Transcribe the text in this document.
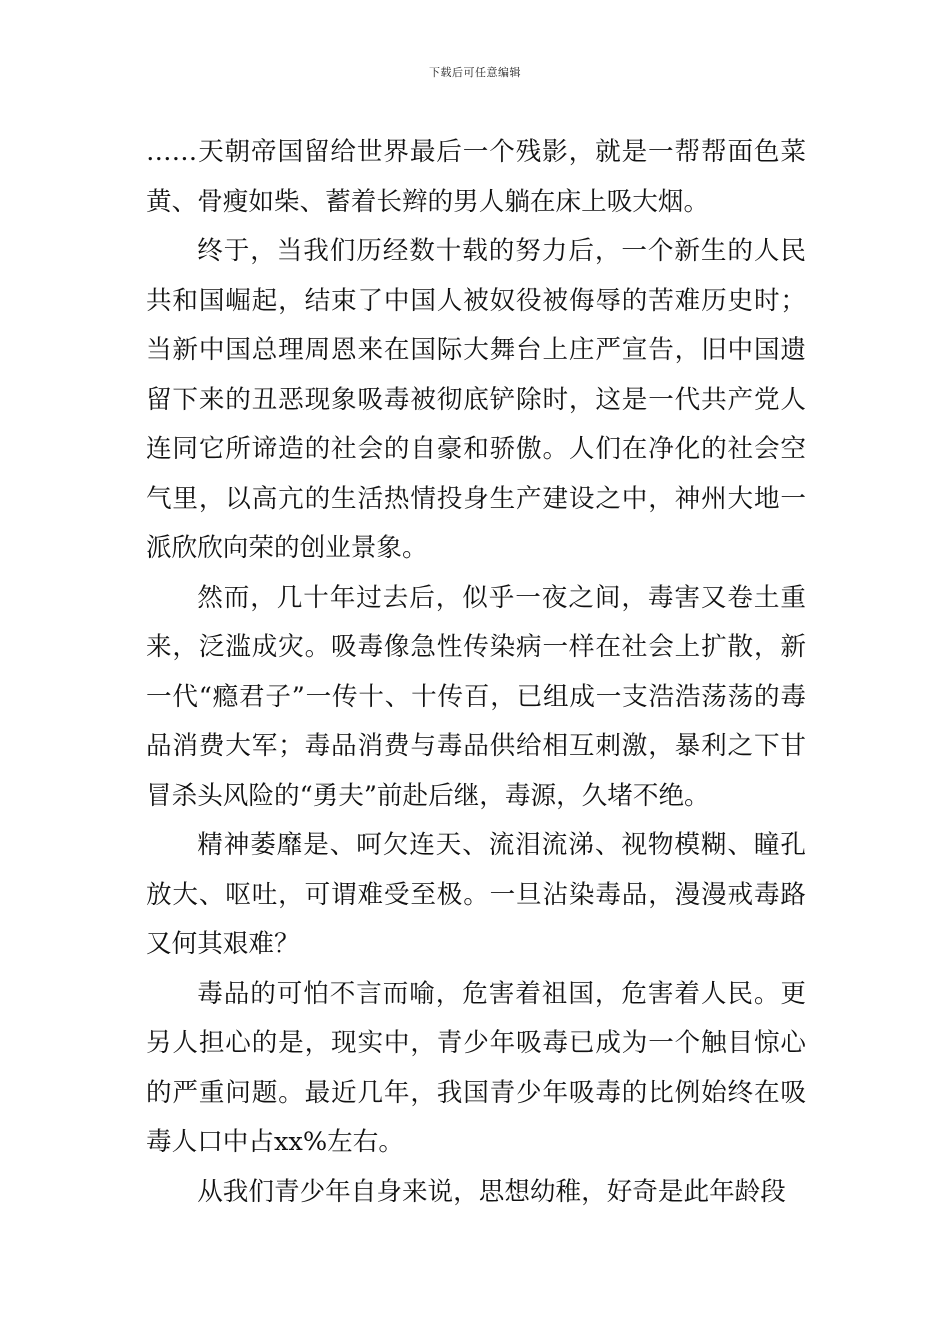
下载后可任意编辑

……天朝帝国留给世界最后一个残影，就是一帮帮面色菜黄、骨瘦如柴、蓄着长辫的男人躺在床上吸大烟。

终于，当我们历经数十载的努力后，一个新生的人民共和国崛起，结束了中国人被奴役被侮辱的苦难历史时；当新中国总理周恩来在国际大舞台上庄严宣告，旧中国遗留下来的丑恶现象吸毒被彻底铲除时，这是一代共产党人连同它所谛造的社会的自豪和骄傲。人们在净化的社会空气里，以高亢的生活热情投身生产建设之中，神州大地一派欣欣向荣的创业景象。

然而，几十年过去后，似乎一夜之间，毒害又卷土重来，泛滥成灾。吸毒像急性传染病一样在社会上扩散，新一代“瘾君子”一传十、十传百，已组成一支浩浩荡荡的毒品消费大军；毒品消费与毒品供给相互刺激，暴利之下甘冒杀头风险的“勇夫”前赴后继，毒源，久堵不绝。

精神萎靡是、呵欠连天、流泪流涕、视物模糊、瞳孔放大、呕吐，可谓难受至极。一旦沾染毒品，漫漫戒毒路又何其艰难？

毒品的可怕不言而喻，危害着祖国，危害着人民。更另人担心的是，现实中，青少年吸毒已成为一个触目惊心的严重问题。最近几年，我国青少年吸毒的比例始终在吸毒人口中占xx%左右。

从我们青少年自身来说，思想幼稚，好奇是此年龄段
